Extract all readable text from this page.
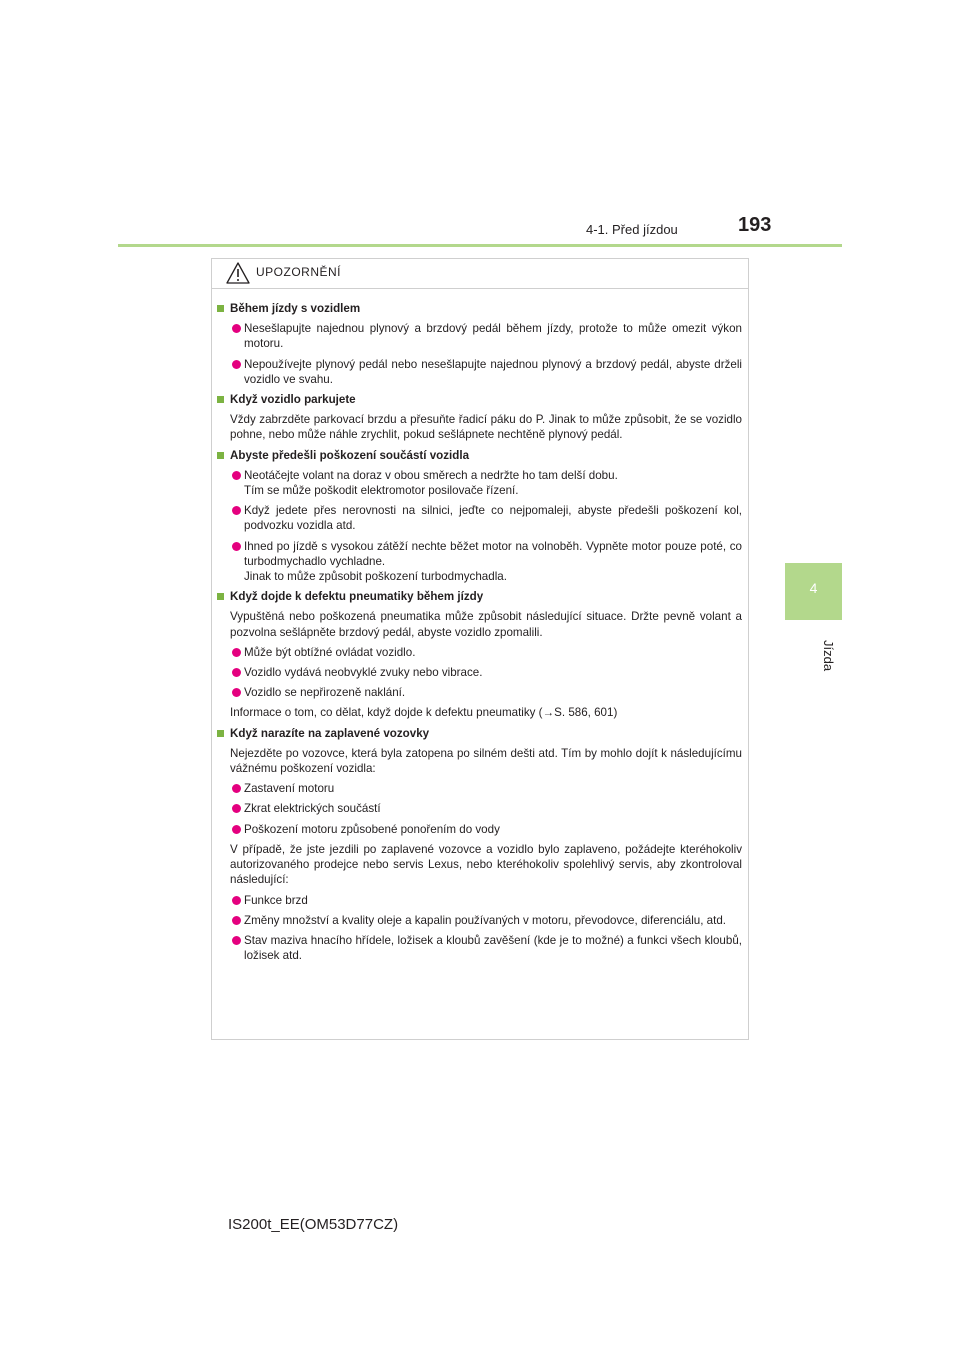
4-1. Před jízdou	193
4
Jízda
UPOZORNĚNÍ
Během jízdy s vozidlem
Nesešlapujte najednou plynový a brzdový pedál během jízdy, protože to může omezit výkon motoru.
Nepoužívejte plynový pedál nebo nesešlapujte najednou plynový a brzdový pedál, abyste drželi vozidlo ve svahu.
Když vozidlo parkujete
Vždy zabrzděte parkovací brzdu a přesuňte řadicí páku do P. Jinak to může způsobit, že se vozidlo pohne, nebo může náhle zrychlit, pokud sešlápnete nechtěně plynový pedál.
Abyste předešli poškození součástí vozidla
Neotáčejte volant na doraz v obou směrech a nedržte ho tam delší dobu.
Tím se může poškodit elektromotor posilovače řízení.
Když jedete přes nerovnosti na silnici, jeďte co nejpomaleji, abyste předešli poškození kol, podvozku vozidla atd.
Ihned po jízdě s vysokou zátěží nechte běžet motor na volnoběh. Vypněte motor pouze poté, co turbodmychadlo vychladne.
Jinak to může způsobit poškození turbodmychadla.
Když dojde k defektu pneumatiky během jízdy
Vypuštěná nebo poškozená pneumatika může způsobit následující situace. Držte pevně volant a pozvolna sešlápněte brzdový pedál, abyste vozidlo zpomalili.
Může být obtížné ovládat vozidlo.
Vozidlo vydává neobvyklé zvuky nebo vibrace.
Vozidlo se nepřirozeně naklání.
Informace o tom, co dělat, když dojde k defektu pneumatiky (→S. 586, 601)
Když narazíte na zaplavené vozovky
Nejezděte po vozovce, která byla zatopena po silném dešti atd. Tím by mohlo dojít k následujícímu vážnému poškození vozidla:
Zastavení motoru
Zkrat elektrických součástí
Poškození motoru způsobené ponořením do vody
V případě, že jste jezdili po zaplavené vozovce a vozidlo bylo zaplaveno, požádejte kteréhokoliv autorizovaného prodejce nebo servis Lexus, nebo kteréhokoliv spolehlivý servis, aby zkontroloval následující:
Funkce brzd
Změny množství a kvality oleje a kapalin používaných v motoru, převodovce, diferenciálu, atd.
Stav maziva hnacího hřídele, ložisek a kloubů zavěšení (kde je to možné) a funkci všech kloubů, ložisek atd.
IS200t_EE(OM53D77CZ)
